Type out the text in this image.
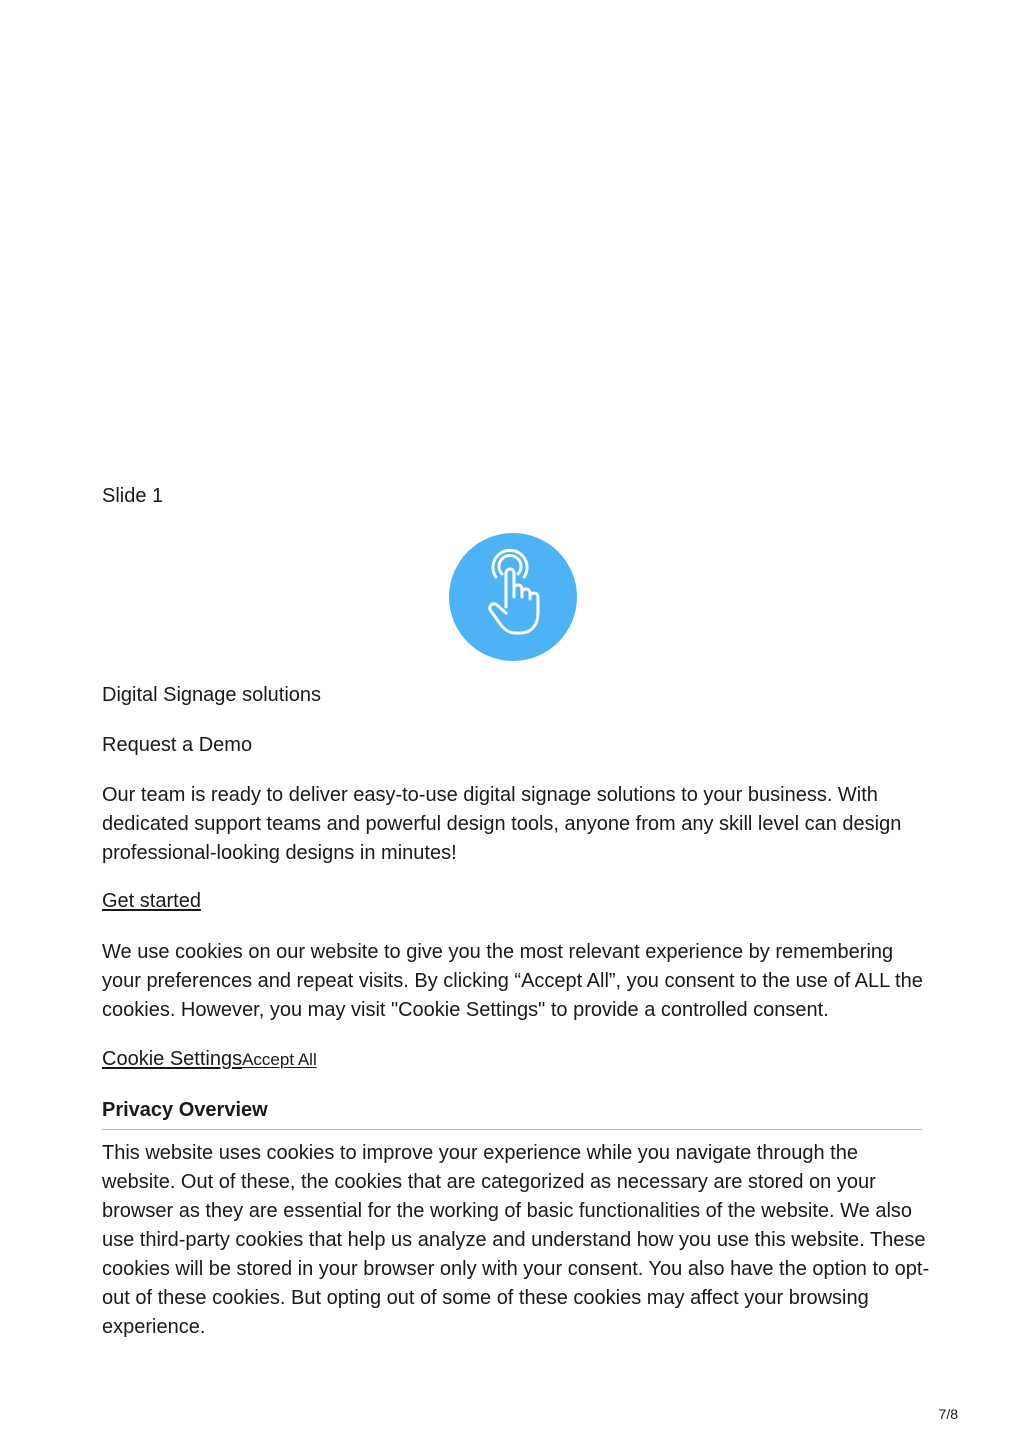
Slide 1

Digital Signage solutions

Request a Demo

Our team is ready to deliver easy-to-use digital signage solutions to your business. With dedicated support teams and powerful design tools, anyone from any skill level can design professional-looking designs in minutes!

Get started

We use cookies on our website to give you the most relevant experience by remembering your preferences and repeat visits. By clicking “Accept All”, you consent to the use of ALL the cookies. However, you may visit "Cookie Settings" to provide a controlled consent.

Cookie SettingsAccept All

Privacy Overview

This website uses cookies to improve your experience while you navigate through the website. Out of these, the cookies that are categorized as necessary are stored on your browser as they are essential for the working of basic functionalities of the website. We also use third-party cookies that help us analyze and understand how you use this website. These cookies will be stored in your browser only with your consent. You also have the option to opt-out of these cookies. But opting out of some of these cookies may affect your browsing experience.

7/8
